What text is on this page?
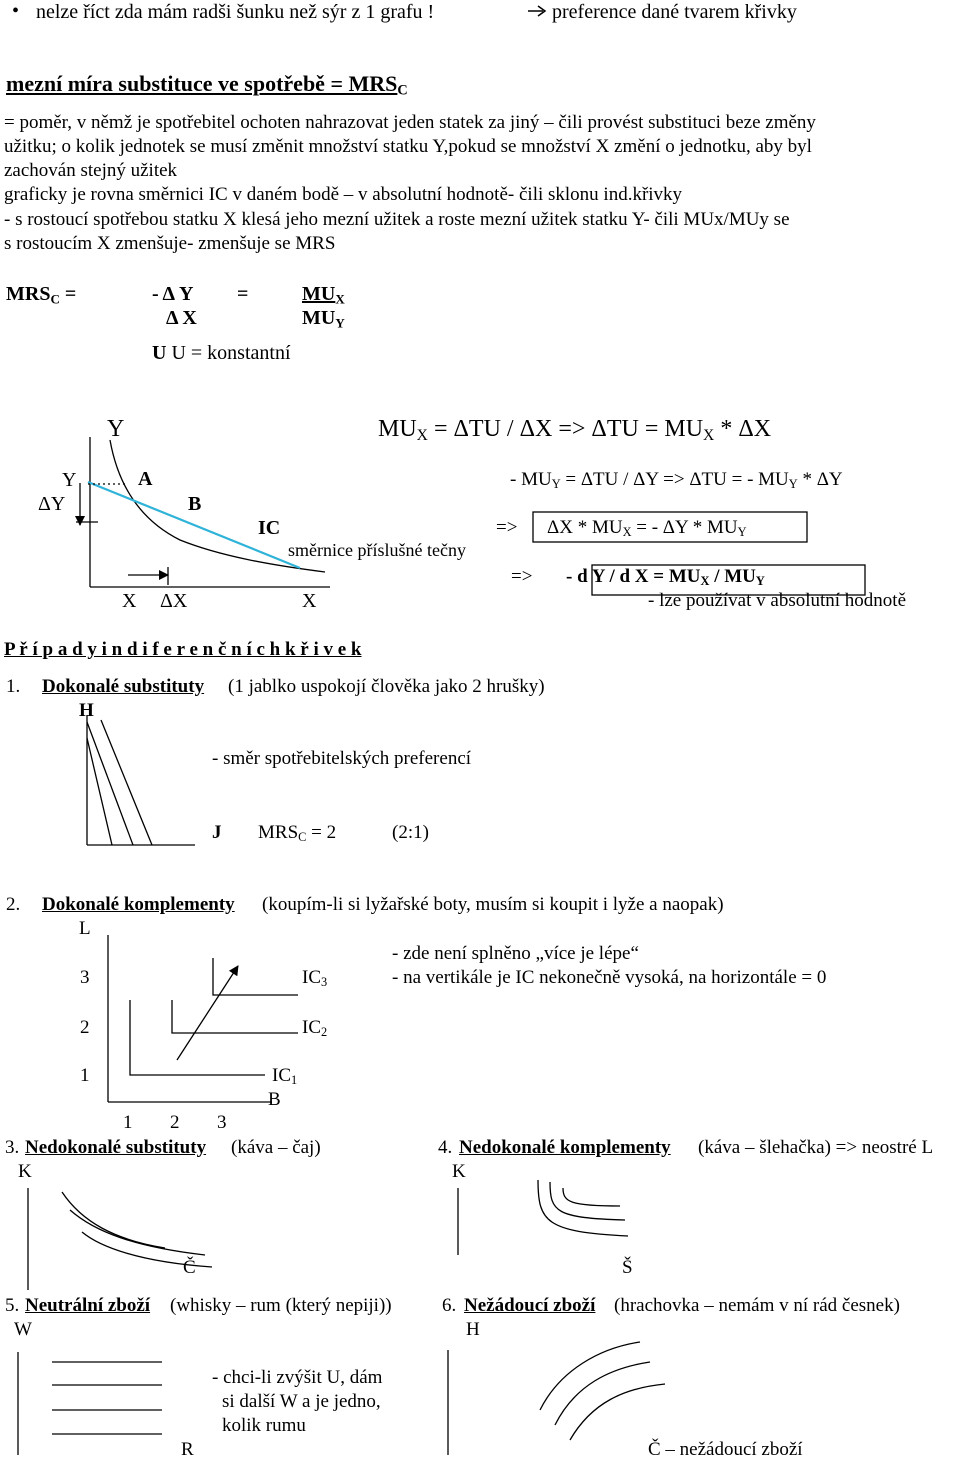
• nelze říct zda mám radši šunku než sýr z 1 grafu !	preference dané tvarem křivky
mezní míra substituce ve spotřebě = $MRS_C$
= poměr, v němž je spotřebitel ochoten nahrazovat jeden statek za jiný – čili provést substituci beze změny
užitku; o kolik jednotek se musí změnit množství statku Y,pokud se množství X změní o jednotku, aby byl
zachován stejný užitek
graficky je rovna směrnici IC v daném bodě – v absolutní hodnotě- čili sklonu ind.křivky
- s rostoucí spotřebou statku X klesá jeho mezní užitek a roste mezní užitek statku Y- čili MUx/MUy se
s rostoucím X zmenšuje- zmenšuje se MRS
$MRS_C$ =	- Δ Y =	$MU_X$
Δ X	$MU_Y$
U U = konstantní
Y
Y
ΔY
A
B
IC
směrnice příslušné tečny
X ΔX	X
$MU_X = \Delta TU / \Delta X => \Delta TU = MU_X * \Delta X$
- $MU_Y = \Delta TU / \Delta Y => \Delta TU$ = - $MU_Y$ * ΔY
=> ΔX * $MU_X$ = - ΔY * $MU_Y$
=> - d Y / d $X = MU_X / MU_Y$
- lze používat v absolutní hodnotě
P ř í p a d y i n d i f e r e n č n í c h k ř i v e k
1. Dokonalé substituty (1 jablko uspokojí člověka jako 2 hrušky)
H
- směr spotřebitelských preferencí
J $MRS_C = 2$	(2:1)
2. Dokonalé komplementy (koupím-li si lyžařské boty, musím si koupit i lyže a naopak)
L
- zde není splněno „více je lépe“
3	$IC_3$	- na vertikále je IC nekonečně vysoká, na horizontále = 0
2	$IC_2$
1	$IC_1$
B
1 2 3
3. Nedokonalé substituty (káva – čaj)
K
Č
4. Nedokonalé komplementy (káva – šlehačka) => neostré L
K
Š
5. Neutrální zboží (whisky – rum (který nepiji))
W
- chci-li zvýšit U, dám
si další W a je jedno,
kolik rumu
R
6. Nežádoucí zboží (hrachovka – nemám v ní rád česnek)
H
Č – nežádoucí zboží
